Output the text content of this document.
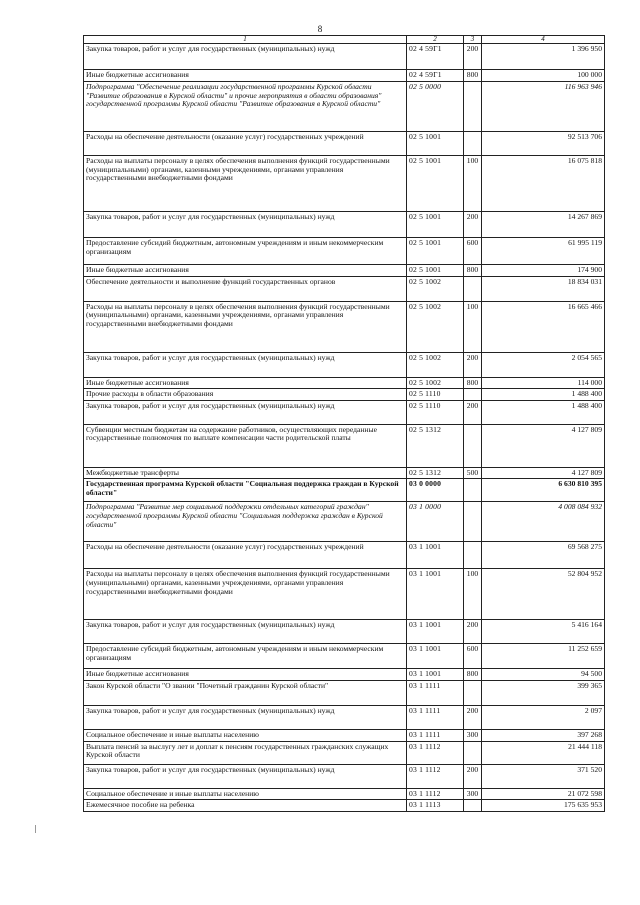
8
1	2	3	4
Закупка товаров, работ и услуг для государственных (муниципальных) нужд	02 4 59Г1	200	1 396 950
Иные бюджетные ассигнования	02 4 59Г1	800	100 000
Подпрограмма "Обеспечение реализации государственной программы Курской области "Развитие образования в Курской области" и прочие мероприятия в области образования" государственной программы Курской области "Развитие образования в Курской области"	02 5 0000		116 963 946
Расходы на обеспечение деятельности (оказание услуг) государственных учреждений	02 5 1001		92 513 706
Расходы на выплаты персоналу в целях обеспечения выполнения функций государственными (муниципальными) органами, казенными учреждениями, органами управления государственными внебюджетными фондами	02 5 1001	100	16 075 818
Закупка товаров, работ и услуг для государственных (муниципальных) нужд	02 5 1001	200	14 267 869
Предоставление субсидий бюджетным, автономным учреждениям и иным некоммерческим организациям	02 5 1001	600	61 995 119
Иные бюджетные ассигнования	02 5 1001	800	174 900
Обеспечение деятельности и выполнение функций государственных органов	02 5 1002		18 834 031
Расходы на выплаты персоналу в целях обеспечения выполнения функций государственными (муниципальными) органами, казенными учреждениями, органами управления государственными внебюджетными фондами	02 5 1002	100	16 665 466
Закупка товаров, работ и услуг для государственных (муниципальных) нужд	02 5 1002	200	2 054 565
Иные бюджетные ассигнования	02 5 1002	800	114 000
Прочие расходы в области образования	02 5 1110		1 488 400
Закупка товаров, работ и услуг для государственных (муниципальных) нужд	02 5 1110	200	1 488 400
Субвенции местным бюджетам на содержание работников, осуществляющих переданные государственные полномочия по выплате компенсации части родительской платы	02 5 1312		4 127 809
Межбюджетные трансферты	02 5 1312	500	4 127 809
Государственная программа Курской области "Социальная поддержка граждан в Курской области"	03 0 0000		6 630 810 395
Подпрограмма "Развитие мер социальной поддержки отдельных категорий граждан" государственной программы Курской области "Социальная поддержка граждан в Курской области"	03 1 0000		4 008 084 932
Расходы на обеспечение деятельности (оказание услуг) государственных учреждений	03 1 1001		69 568 275
Расходы на выплаты персоналу в целях обеспечения выполнения функций государственными (муниципальными) органами, казенными учреждениями, органами управления государственными внебюджетными фондами	03 1 1001	100	52 804 952
Закупка товаров, работ и услуг для государственных (муниципальных) нужд	03 1 1001	200	5 416 164
Предоставление субсидий бюджетным, автономным учреждениям и иным некоммерческим организациям	03 1 1001	600	11 252 659
Иные бюджетные ассигнования	03 1 1001	800	94 500
Закон Курской области "О звании "Почетный гражданин Курской области"	03 1 1111		399 365
Закупка товаров, работ и услуг для государственных (муниципальных) нужд	03 1 1111	200	2 097
Социальное обеспечение и иные выплаты населению	03 1 1111	300	397 268
Выплата пенсий за выслугу лет и доплат к пенсиям государственных гражданских служащих Курской области	03 1 1112		21 444 118
Закупка товаров, работ и услуг для государственных (муниципальных) нужд	03 1 1112	200	371 520
Социальное обеспечение и иные выплаты населению	03 1 1112	300	21 072 598
Ежемесячное пособие на ребенка	03 1 1113		175 635 953
